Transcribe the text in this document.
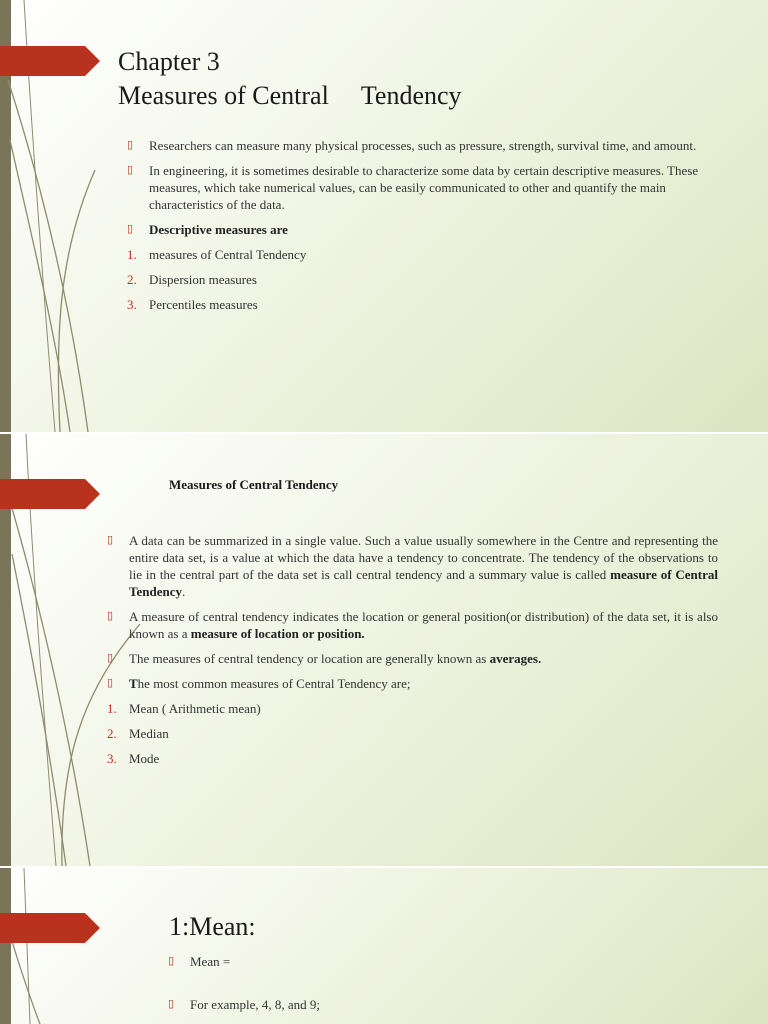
Chapter 3
Measures of Central     Tendency
▯ Researchers can measure many physical processes, such as pressure, strength, survival time, and amount.
▯ In engineering, it is sometimes desirable to characterize some data by certain descriptive measures. These measures, which take numerical values, can be easily communicated to other and quantify the main characteristics of the data.
▯ Descriptive measures are
1. measures of Central Tendency
2. Dispersion measures
3. Percentiles measures
Measures of Central Tendency
▯ A data can be summarized in a single value. Such a value usually somewhere in the Centre and representing the entire data set, is a value at which the data have a tendency to concentrate. The tendency of the observations to lie in the central part of the data set is call central tendency and a summary value is called measure of Central Tendency.
▯ A measure of central tendency indicates the location or general position(or distribution) of the data set, it is also known as a measure of location or position.
▯ The measures of central tendency or location are generally known as averages.
▯ The most common measures of Central Tendency are;
1. Mean ( Arithmetic mean)
2. Median
3. Mode
1:Mean:
▯ Mean =
▯ For example, 4, 8, and 9;
